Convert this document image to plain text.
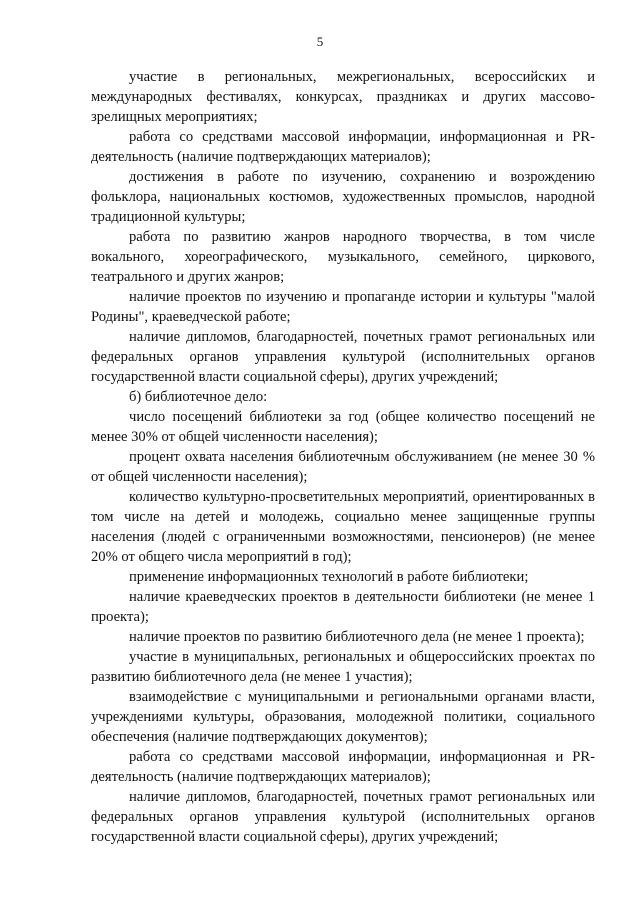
5

участие в региональных, межрегиональных, всероссийских и международных фестивалях, конкурсах, праздниках и других массово-зрелищных мероприятиях;

работа со средствами массовой информации, информационная и PR-деятельность (наличие подтверждающих материалов);

достижения в работе по изучению, сохранению и возрождению фольклора, национальных костюмов, художественных промыслов, народной традиционной культуры;

работа по развитию жанров народного творчества, в том числе вокального, хореографического, музыкального, семейного, циркового, театрального и других жанров;

наличие проектов по изучению и пропаганде истории и культуры "малой Родины", краеведческой работе;

наличие дипломов, благодарностей, почетных грамот региональных или федеральных органов управления культурой (исполнительных органов государственной власти социальной сферы), других учреждений;

б) библиотечное дело:

число посещений библиотеки за год (общее количество посещений не менее 30% от общей численности населения);

процент охвата населения библиотечным обслуживанием (не менее 30 % от общей численности населения);

количество культурно-просветительных мероприятий, ориентированных в том числе на детей и молодежь, социально менее защищенные группы населения (людей с ограниченными возможностями, пенсионеров) (не менее 20% от общего числа мероприятий в год);

применение информационных технологий в работе библиотеки;

наличие краеведческих проектов в деятельности библиотеки (не менее 1 проекта);

наличие проектов по развитию библиотечного дела (не менее 1 проекта);

участие в муниципальных, региональных и общероссийских проектах по развитию библиотечного дела (не менее 1 участия);

взаимодействие с муниципальными и региональными органами власти, учреждениями культуры, образования, молодежной политики, социального обеспечения (наличие подтверждающих документов);

работа со средствами массовой информации, информационная и PR-деятельность (наличие подтверждающих материалов);

наличие дипломов, благодарностей, почетных грамот региональных или федеральных органов управления культурой (исполнительных органов государственной власти социальной сферы), других учреждений;
